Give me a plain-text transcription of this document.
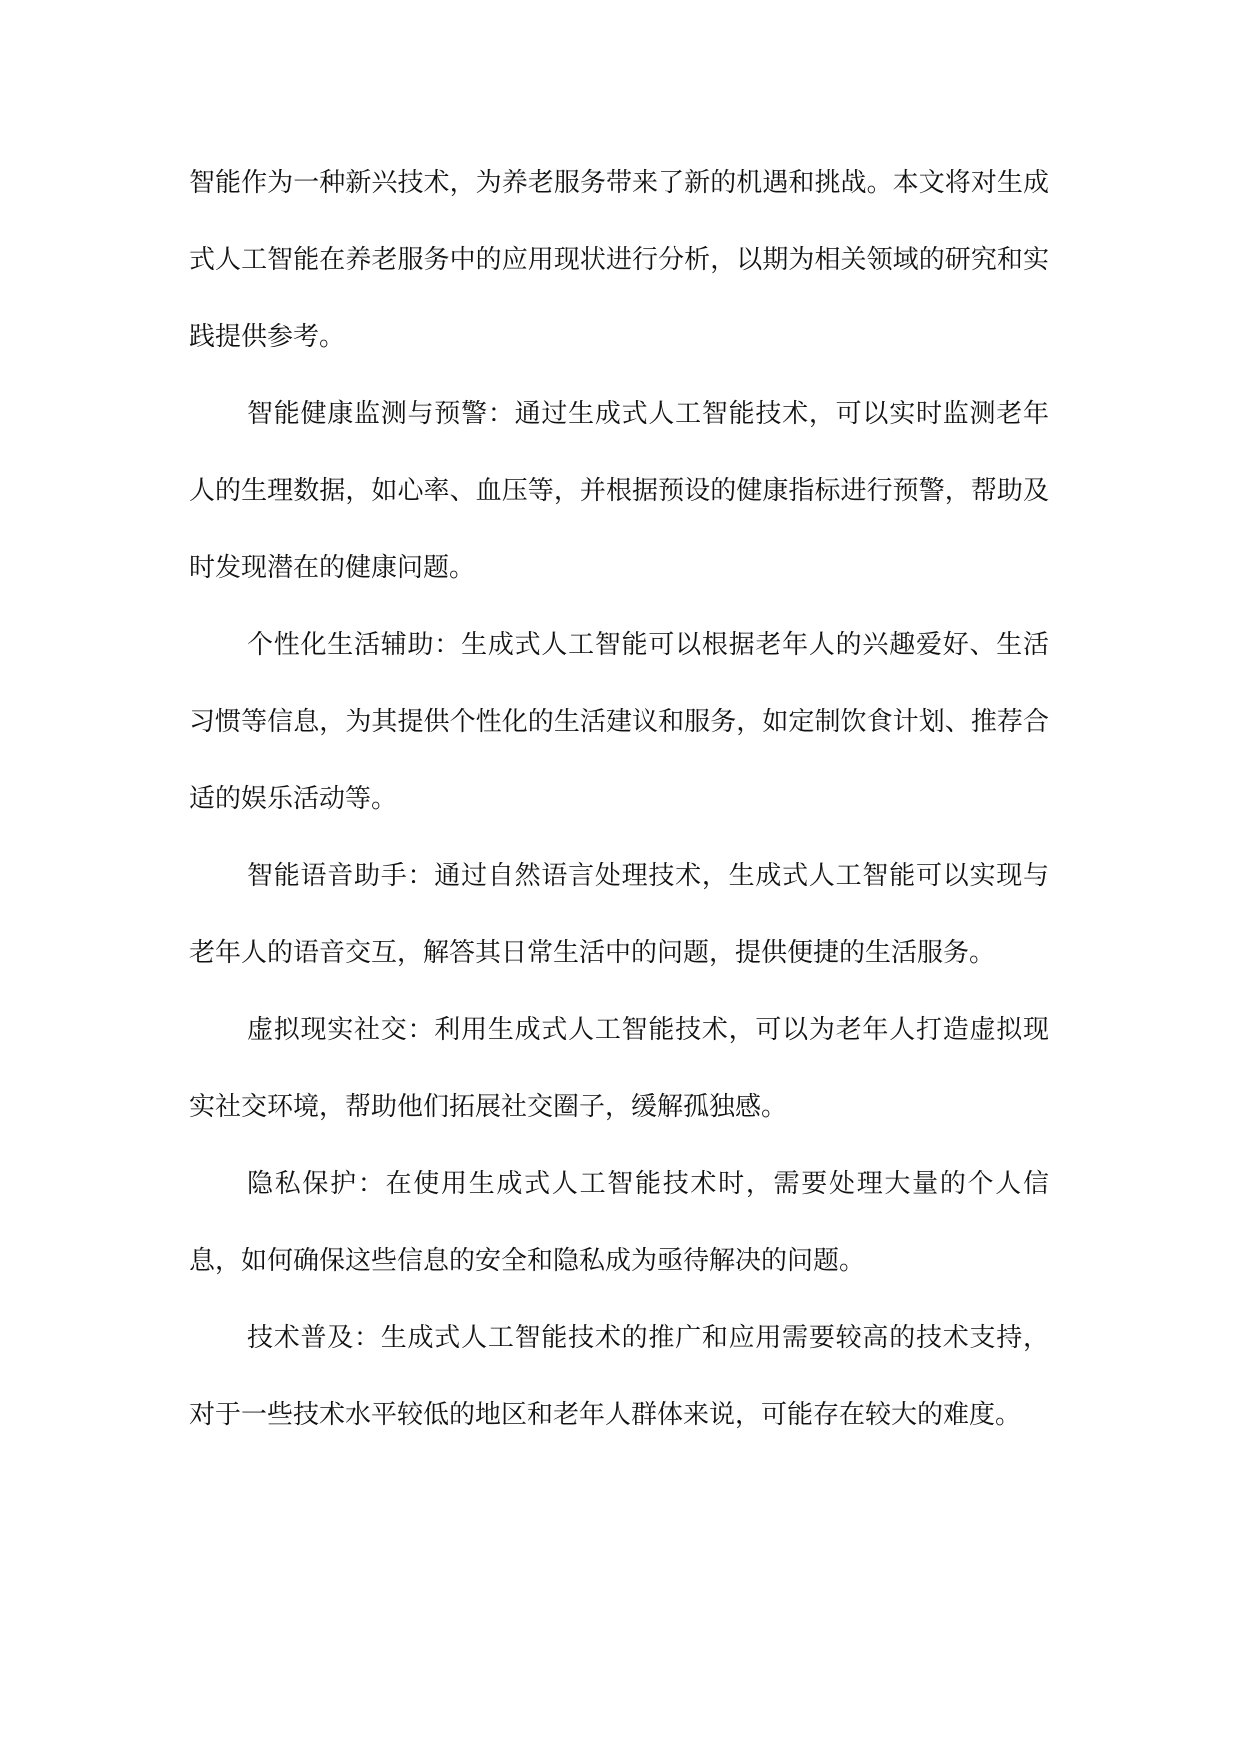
智能作为一种新兴技术，为养老服务带来了新的机遇和挑战。本文将对生成式人工智能在养老服务中的应用现状进行分析，以期为相关领域的研究和实践提供参考。

智能健康监测与预警：通过生成式人工智能技术，可以实时监测老年人的生理数据，如心率、血压等，并根据预设的健康指标进行预警，帮助及时发现潜在的健康问题。

个性化生活辅助：生成式人工智能可以根据老年人的兴趣爱好、生活习惯等信息，为其提供个性化的生活建议和服务，如定制饮食计划、推荐合适的娱乐活动等。

智能语音助手：通过自然语言处理技术，生成式人工智能可以实现与老年人的语音交互，解答其日常生活中的问题，提供便捷的生活服务。

虚拟现实社交：利用生成式人工智能技术，可以为老年人打造虚拟现实社交环境，帮助他们拓展社交圈子，缓解孤独感。

隐私保护：在使用生成式人工智能技术时，需要处理大量的个人信息，如何确保这些信息的安全和隐私成为亟待解决的问题。

技术普及：生成式人工智能技术的推广和应用需要较高的技术支持，对于一些技术水平较低的地区和老年人群体来说，可能存在较大的难度。
